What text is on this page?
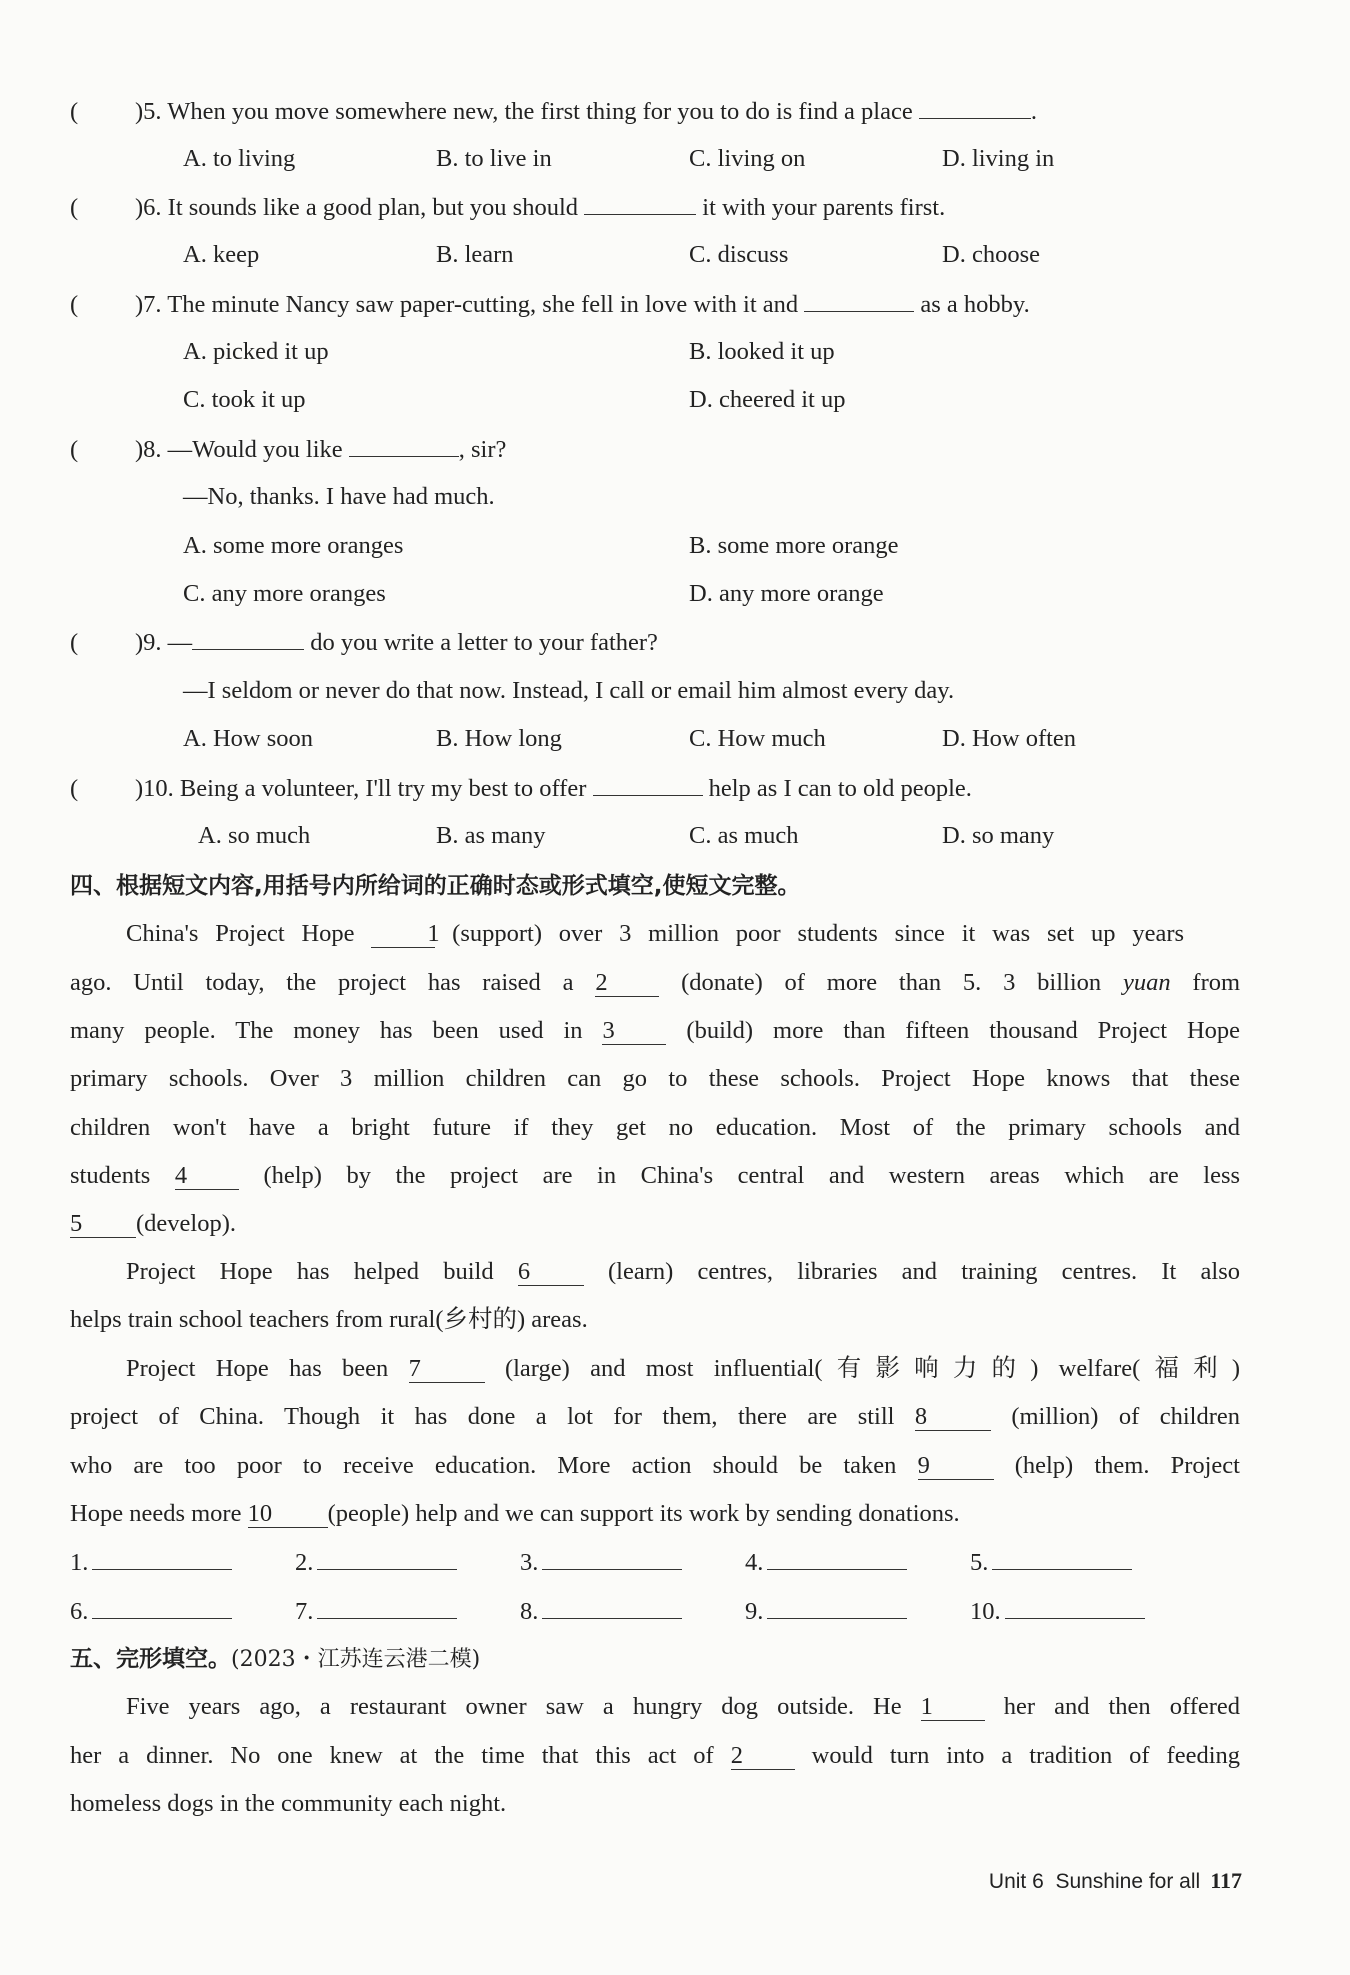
( )5. When you move somewhere new, the first thing for you to do is find a place	.
A. to living	B. to live in	C. living on	D. living in
( )6. It sounds like a good plan, but you should	it with your parents first.
A. keep	B. learn	C. discuss	D. choose
( )7. The minute Nancy saw paper-cutting, she fell in love with it and	as a hobby.
A. picked it up	B. looked it up
C. took it up	D. cheered it up
( )8. —Would you like	, sir?
—No, thanks. I have had much.
A. some more oranges	B. some more orange
C. any more oranges	D. any more orange
( )9. —	do you write a letter to your father?
—I seldom or never do that now. Instead, I call or email him almost every day.
A. How soon	B. How long	C. How much	D. How often
( )10. Being a volunteer, I'll try my best to offer	help as I can to old people.
A. so much	B. as many	C. as much	D. so many
四、根据短文内容,用括号内所给词的正确时态或形式填空,使短文完整。
China's Project Hope	1 (support) over 3 million poor students since it was set up years
ago. Until today, the project has raised a 2	(donate) of more than 5. 3 billion yuan from
many people. The money has been used in 3	(build) more than fifteen thousand Project Hope
primary schools. Over 3 million children can go to these schools. Project Hope knows that these
children won't have a bright future if they get no education. Most of the primary schools and
students 4	(help) by the project are in China's central and western areas which are less
5 (develop).
Project Hope has helped build 6	(learn) centres, libraries and training centres. It also
helps train school teachers from rural(乡村的) areas.
Project Hope has been 7	(large) and most influential(有影响力的) welfare(福利)
project of China. Though it has done a lot for them, there are still 8	(million) of children
who are too poor to receive education. More action should be taken 9	(help) them. Project
Hope needs more 10 (people) help and we can support its work by sending donations.
1.	2.	3.	4.	5.
6.	7.	8.	9.	10.
五、完形填空。(2023・江苏连云港二模)
Five years ago, a restaurant owner saw a hungry dog outside. He 1	her and then offered
her a dinner. No one knew at the time that this act of 2	would turn into a tradition of feeding
homeless dogs in the community each night.
Unit 6 Sunshine for all 117
